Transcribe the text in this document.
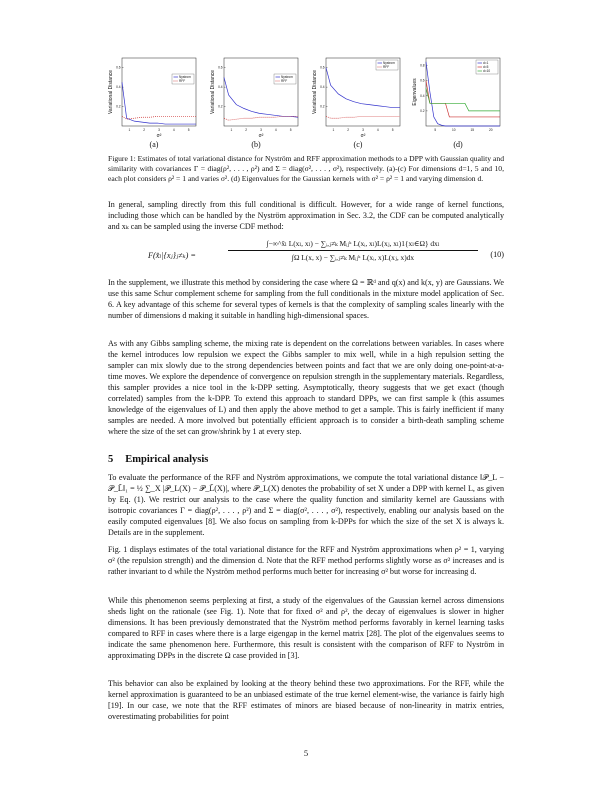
1	2	3	4	5
0.2
0.4
0.6
Variational Distance
σ²
Nystrom
RFF
(a)
1	2	3	4	5
0.2
0.4
0.6
Variational Distance
σ²
Nystrom
RFF
(b)
1	2	3	4	5
0.2
0.4
0.6
Variational Distance
σ²
Nystrom
RFF
(c)
5	10	15	20
0.2
0.4
0.6
0.8
Eigenvalues
d=1
d=5
d=10
(d)
Figure 1: Estimates of total variational distance for Nyström and RFF approximation methods to a DPP with Gaussian quality and similarity with covariances Γ = diag(ρ², . . . , ρ²) and Σ = diag(σ², . . . , σ²), respectively. (a)-(c) For dimensions d=1, 5 and 10, each plot considers ρ² = 1 and varies σ². (d) Eigenvalues for the Gaussian kernels with σ² = ρ² = 1 and varying dimension d.

In general, sampling directly from this full conditional is difficult. However, for a wide range of kernel functions, including those which can be handled by the Nyström approximation in Sec. 3.2, the CDF can be computed analytically and xₖ can be sampled using the inverse CDF method:

F(x̂ₗ|{xⱼ}ⱼ≠ₖ) =
∫−∞^x̂ₗ L(xₗ, xₗ) − ∑ᵢ,ⱼ≠ₖ Mᵢⱼᵏ L(xᵢ, xₗ)L(xⱼ, xₗ)1{xₗ∈Ω} dxₗ
∫Ω L(x, x) − ∑ᵢ,ⱼ≠ₖ Mᵢⱼᵏ L(xᵢ, x)L(xⱼ, x)dx	(10)

In the supplement, we illustrate this method by considering the case where Ω = ℝᵈ and q(x) and k(x, y) are Gaussians. We use this same Schur complement scheme for sampling from the full conditionals in the mixture model application of Sec. 6. A key advantage of this scheme for several types of kernels is that the complexity of sampling scales linearly with the number of dimensions d making it suitable in handling high-dimensional spaces.

As with any Gibbs sampling scheme, the mixing rate is dependent on the correlations between variables. In cases where the kernel introduces low repulsion we expect the Gibbs sampler to mix well, while in a high repulsion setting the sampler can mix slowly due to the strong dependencies between points and fact that we are only doing one-point-at-a-time moves. We explore the dependence of convergence on repulsion strength in the supplementary materials. Regardless, this sampler provides a nice tool in the k-DPP setting. Asymptotically, theory suggests that we get exact (though correlated) samples from the k-DPP. To extend this approach to standard DPPs, we can first sample k (this assumes knowledge of the eigenvalues of L) and then apply the above method to get a sample. This is fairly inefficient if many samples are needed. A more involved but potentially efficient approach is to consider a birth-death sampling scheme where the size of the set can grow/shrink by 1 at every step.

5 Empirical analysis

To evaluate the performance of the RFF and Nyström approximations, we compute the total variational distance ‖𝒫_L − 𝒫_L̃‖₁ = ½ ∑_X |𝒫_L(X) − 𝒫_L̃(X)|, where 𝒫_L(X) denotes the probability of set X under a DPP with kernel L, as given by Eq. (1). We restrict our analysis to the case where the quality function and similarity kernel are Gaussians with isotropic covariances Γ = diag(ρ², . . . , ρ²) and Σ = diag(σ², . . . , σ²), respectively, enabling our analysis based on the easily computed eigenvalues [8]. We also focus on sampling from k-DPPs for which the size of the set X is always k. Details are in the supplement.

Fig. 1 displays estimates of the total variational distance for the RFF and Nyström approximations when ρ² = 1, varying σ² (the repulsion strength) and the dimension d. Note that the RFF method performs slightly worse as σ² increases and is rather invariant to d while the Nyström method performs much better for increasing σ² but worse for increasing d.

While this phenomenon seems perplexing at first, a study of the eigenvalues of the Gaussian kernel across dimensions sheds light on the rationale (see Fig. 1). Note that for fixed σ² and ρ², the decay of eigenvalues is slower in higher dimensions. It has been previously demonstrated that the Nyström method performs favorably in kernel learning tasks compared to RFF in cases where there is a large eigengap in the kernel matrix [28]. The plot of the eigenvalues seems to indicate the same phenomenon here. Furthermore, this result is consistent with the comparison of RFF to Nyström in approximating DPPs in the discrete Ω case provided in [3].

This behavior can also be explained by looking at the theory behind these two approximations. For the RFF, while the kernel approximation is guaranteed to be an unbiased estimate of the true kernel element-wise, the variance is fairly high [19]. In our case, we note that the RFF estimates of minors are biased because of non-linearity in matrix entries, overestimating probabilities for point

5
